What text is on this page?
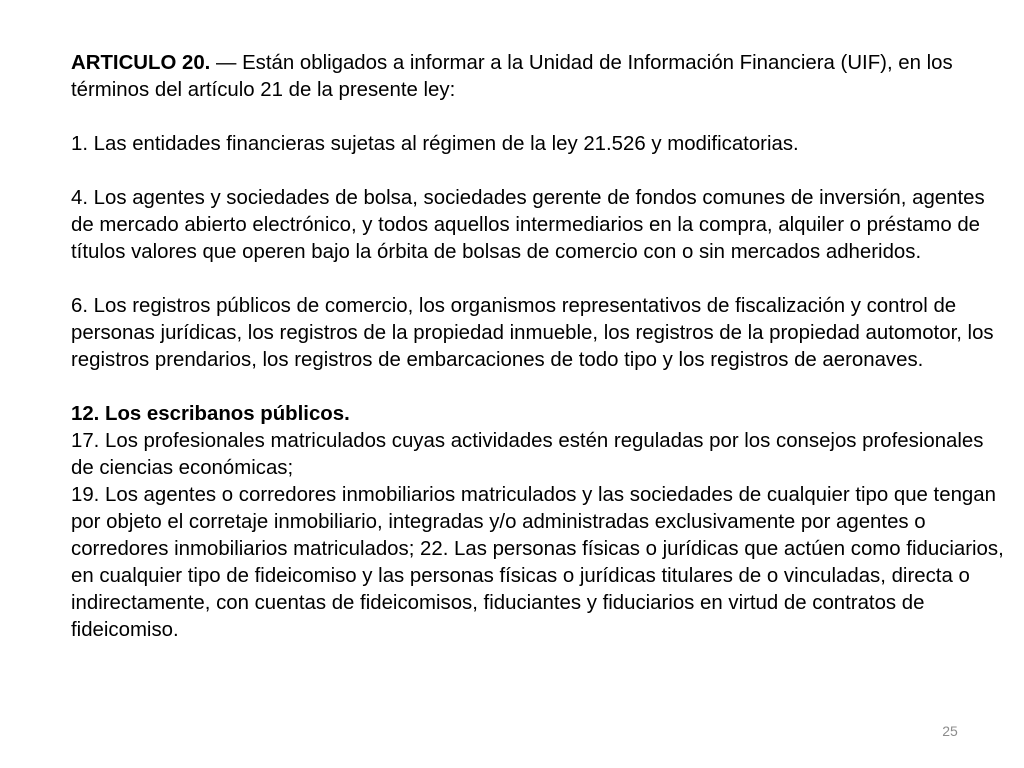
ARTICULO 20. — Están obligados a informar a la Unidad de Información Financiera (UIF), en los términos del artículo 21 de la presente ley:

1. Las entidades financieras sujetas al régimen de la ley 21.526 y modificatorias.

4. Los agentes y sociedades de bolsa, sociedades gerente de fondos comunes de inversión, agentes de mercado abierto electrónico, y todos aquellos intermediarios en la compra, alquiler o préstamo de títulos valores que operen bajo la órbita de bolsas de comercio con o sin mercados adheridos.

6. Los registros públicos de comercio, los organismos representativos de fiscalización y control de personas jurídicas, los registros de la propiedad inmueble, los registros de la propiedad automotor, los registros prendarios, los registros de embarcaciones de todo tipo y los registros de aeronaves.

12. Los escribanos públicos.

17. Los profesionales matriculados cuyas actividades estén reguladas por los consejos profesionales de ciencias económicas;

19. Los agentes o corredores inmobiliarios matriculados y las sociedades de cualquier tipo que tengan por objeto el corretaje inmobiliario, integradas y/o administradas exclusivamente por agentes o corredores inmobiliarios matriculados; 22. Las personas físicas o jurídicas que actúen como fiduciarios, en cualquier tipo de fideicomiso y las personas físicas o jurídicas titulares de o vinculadas, directa o indirectamente, con cuentas de fideicomisos, fiduciantes y fiduciarios en virtud de contratos de fideicomiso.

25
